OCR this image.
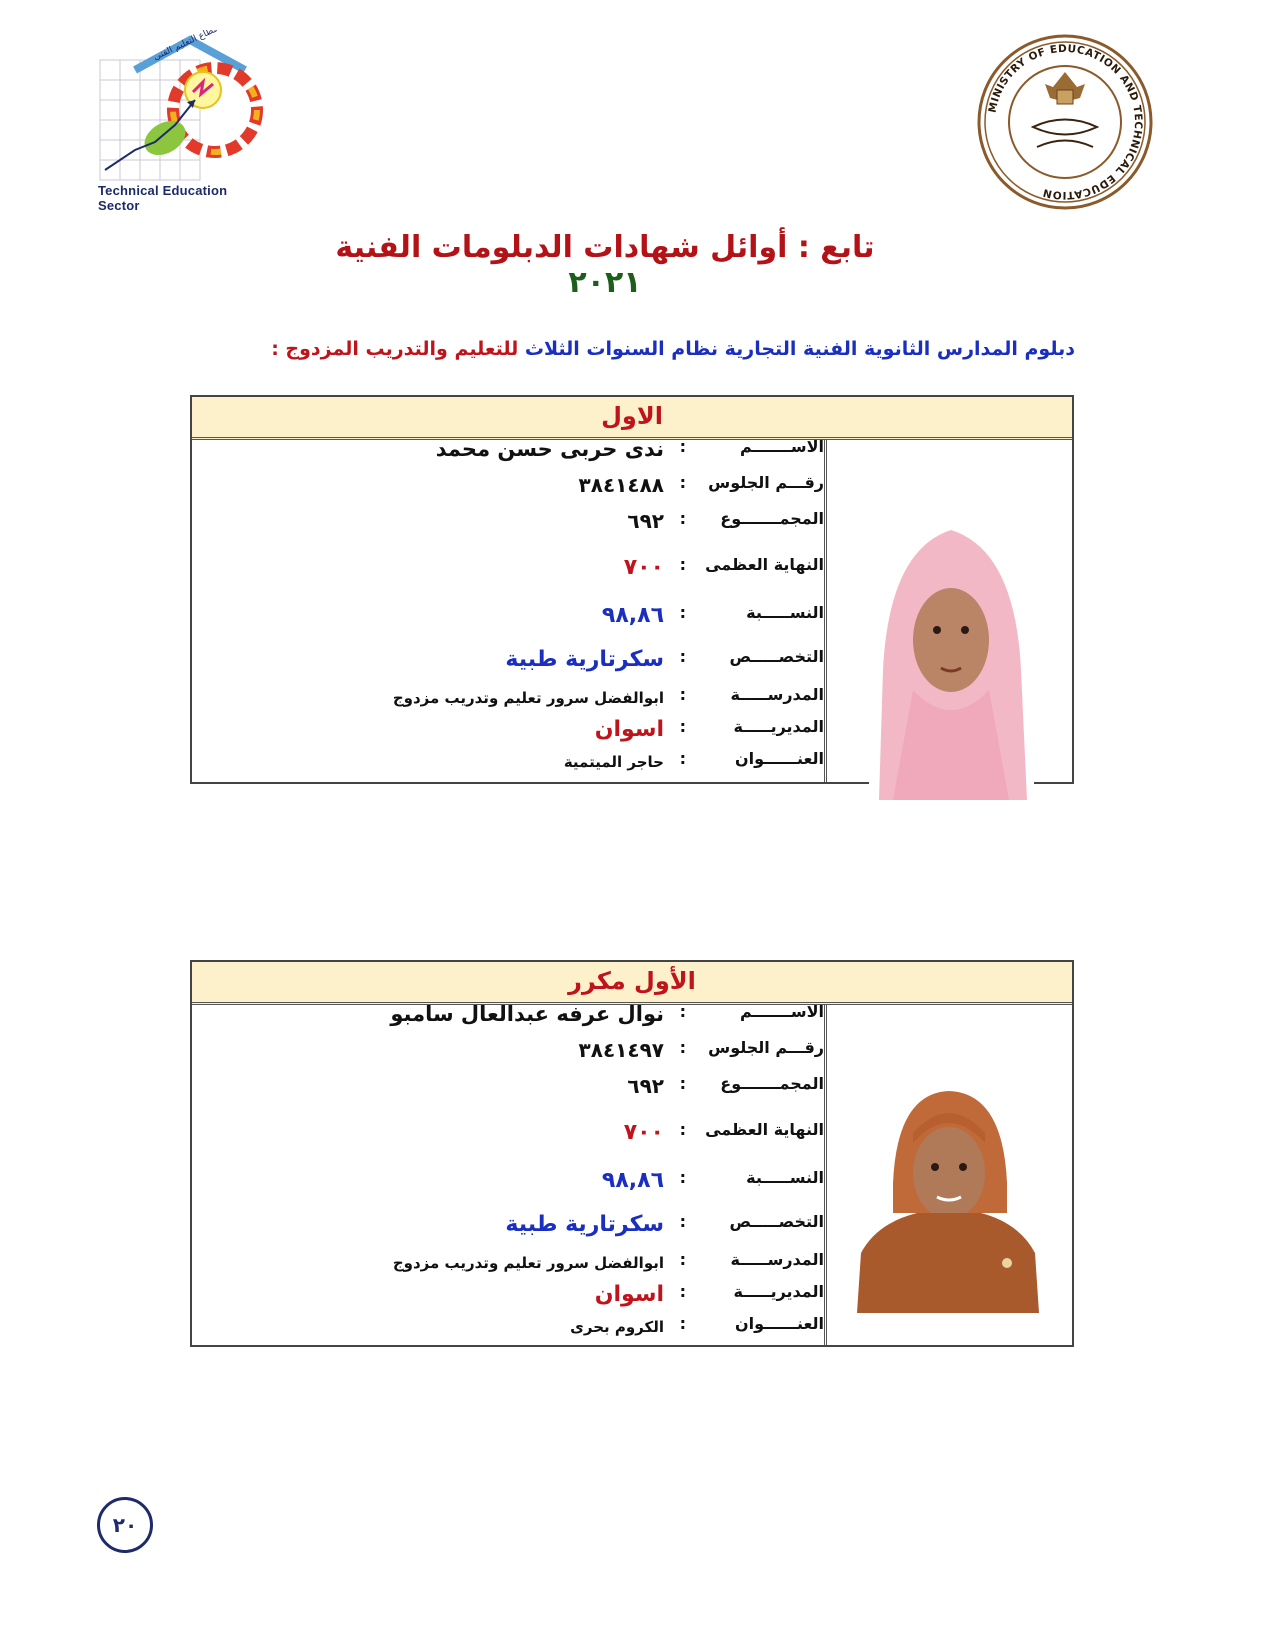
قطاع التعليم الفنى
Technical Education Sector
MINISTRY OF EDUCATION AND TECHNICAL EDUCATION
تابع : أوائل شهادات الدبلومات الفنية ٢٠٢١
دبلوم المدارس الثانوية الفنية التجارية نظام السنوات الثلاث للتعليم والتدريب المزدوج :
الاول
الاســـــــم
:
ندى حربى حسن محمد
رقـــم الجلوس
:
٣٨٤١٤٨٨
المجمـــــــوع
:
٦٩٢
النهاية العظمى
:
٧٠٠
النســـــبة
:
٩٨,٨٦
التخصـــــص
:
سكرتارية طبية
المدرســـــة
:
ابوالفضل سرور تعليم وتدريب مزدوج
المديريـــــة
:
اسوان
العنــــــوان
:
حاجر الميتمية
الأول مكرر
الاســـــــم
:
نوال عرفه عبدالعال سامبو
رقـــم الجلوس
:
٣٨٤١٤٩٧
المجمـــــــوع
:
٦٩٢
النهاية العظمى
:
٧٠٠
النســـــبة
:
٩٨,٨٦
التخصـــــص
:
سكرتارية طبية
المدرســـــة
:
ابوالفضل سرور تعليم وتدريب مزدوج
المديريـــــة
:
اسوان
العنــــــوان
:
الكروم بحرى
٢٠
